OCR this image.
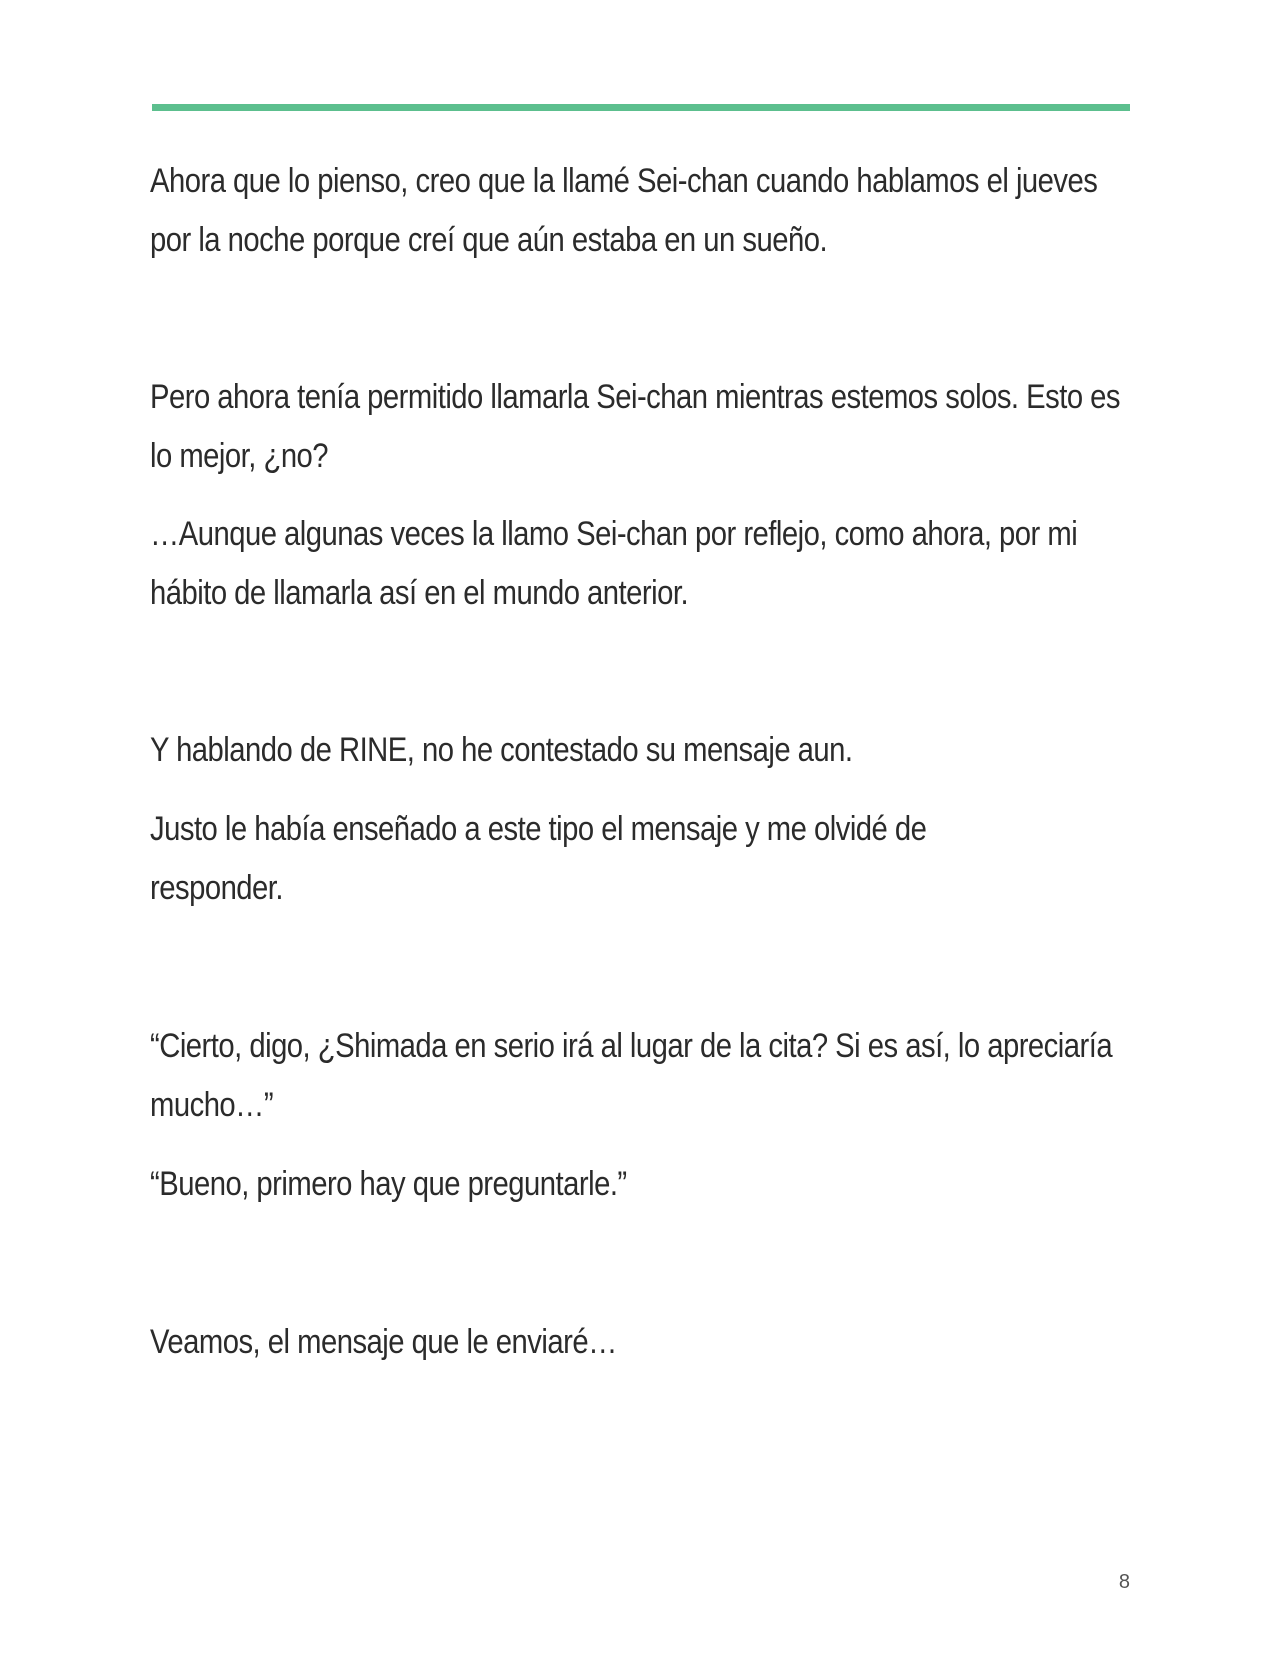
Ahora que lo pienso, creo que la llamé Sei-chan cuando hablamos el jueves por la noche porque creí que aún estaba en un sueño.

Pero ahora tenía permitido llamarla Sei-chan mientras estemos solos. Esto es lo mejor, ¿no?

…Aunque algunas veces la llamo Sei-chan por reflejo, como ahora, por mi hábito de llamarla así en el mundo anterior.

Y hablando de RINE, no he contestado su mensaje aun.

Justo le había enseñado a este tipo el mensaje y me olvidé de responder.

“Cierto, digo, ¿Shimada en serio irá al lugar de la cita? Si es así, lo apreciaría mucho…”

“Bueno, primero hay que preguntarle.”

Veamos, el mensaje que le enviaré…

8
